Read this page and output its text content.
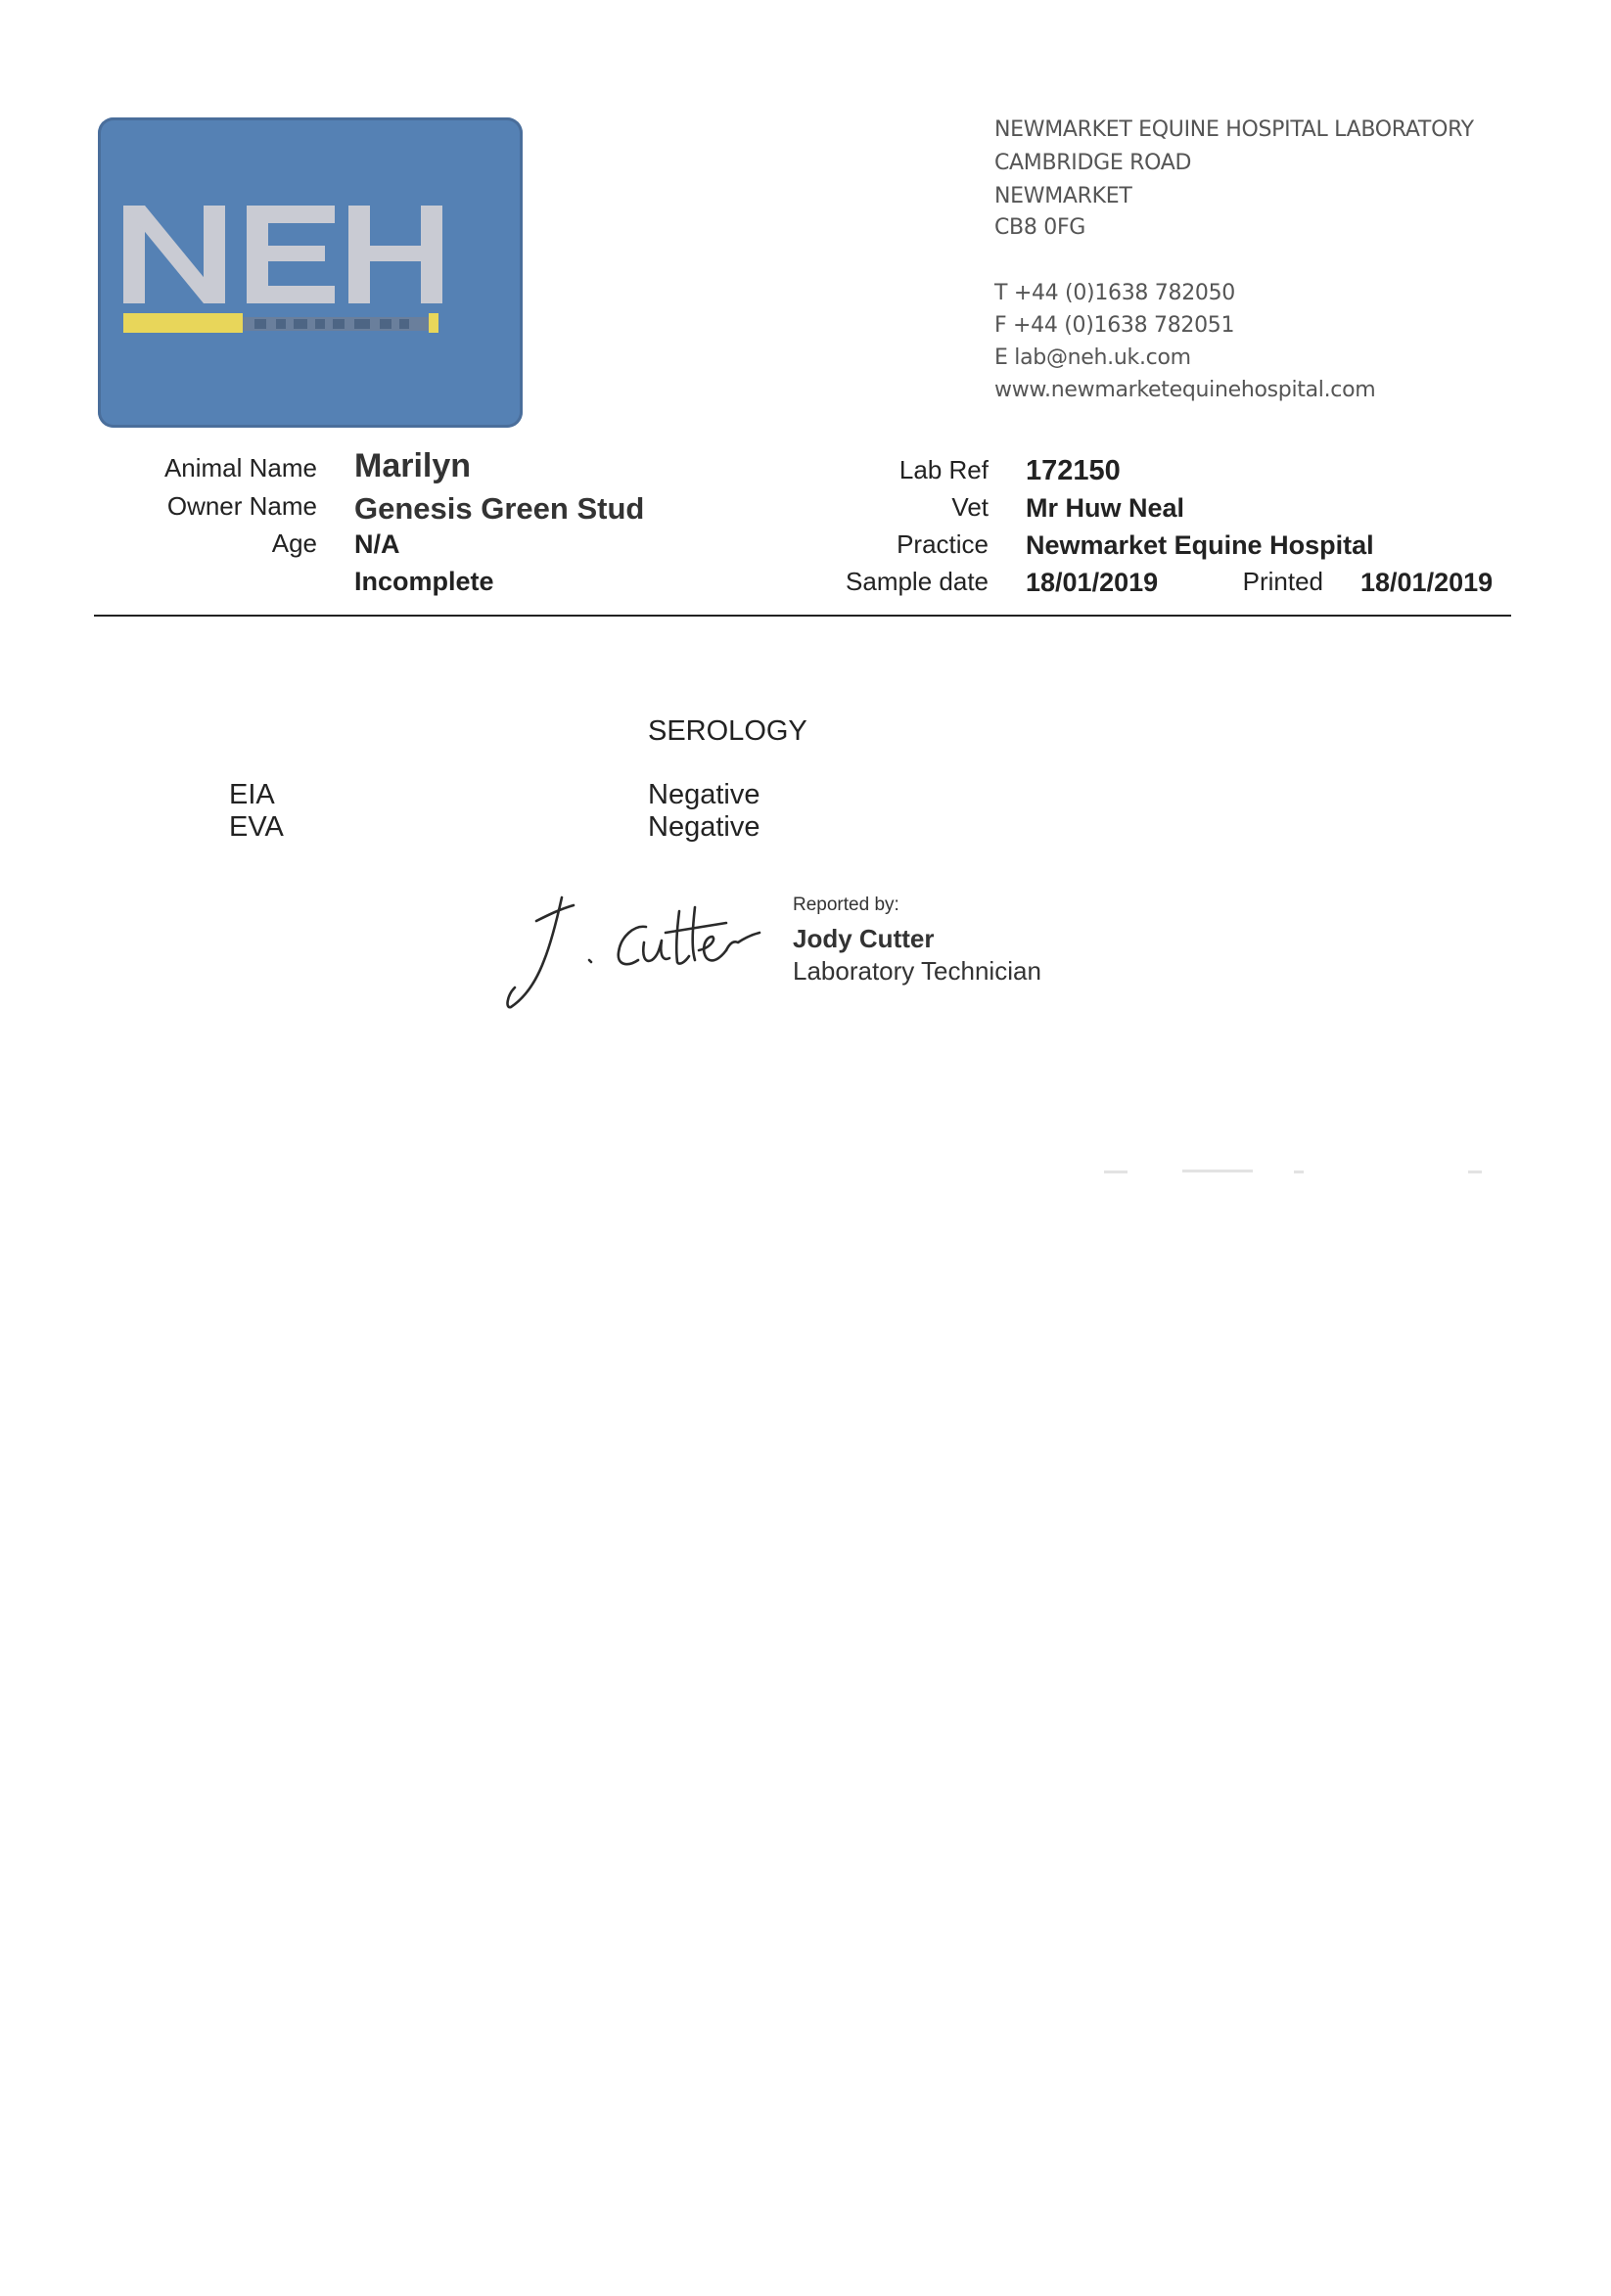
NEWMARKET EQUINE HOSPITAL LABORATORY
CAMBRIDGE ROAD
NEWMARKET
CB8 0FG
T +44 (0)1638 782050
F +44 (0)1638 782051
E lab@neh.uk.com
www.newmarketequinehospital.com
Animal Name Marilyn
Owner Name Genesis Green Stud
Age N/A
Incomplete
Lab Ref 172150
Vet Mr Huw Neal
Practice Newmarket Equine Hospital
Sample date 18/01/2019	Printed 18/01/2019
SEROLOGY
EIA	Negative
EVA	Negative
Reported by:
Jody Cutter
Laboratory Technician
